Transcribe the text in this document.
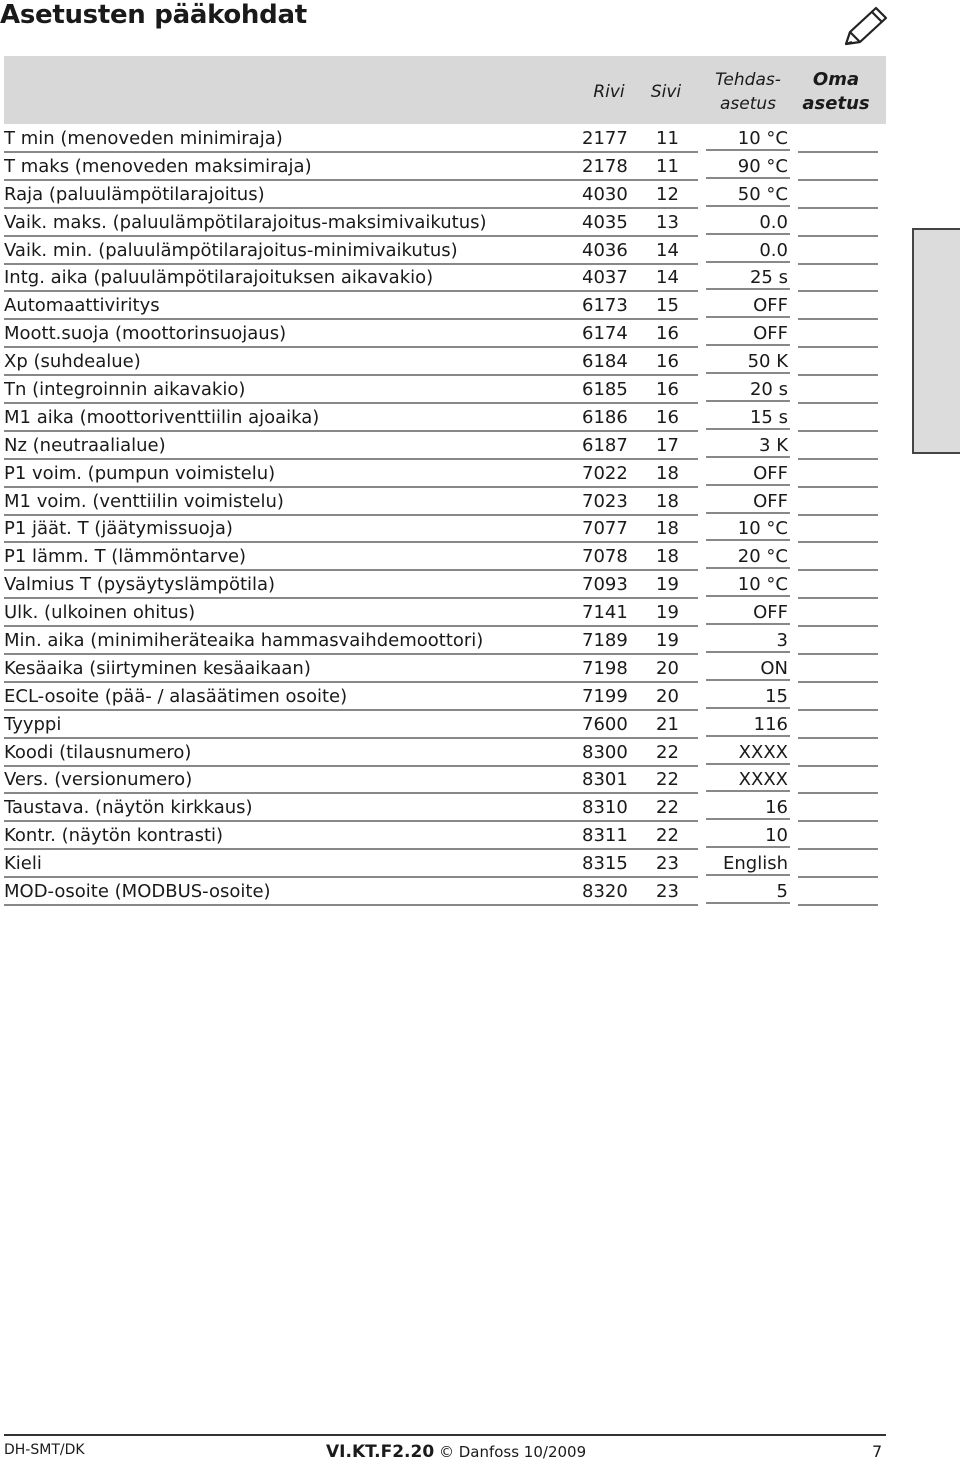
Asetusten pääkohdat
Rivi	Sivi
Tehdas-
asetus
Oma
asetus
T min (menoveden minimiraja)	2177	11	10 °C
T maks (menoveden maksimiraja)	2178	11	90 °C
Raja (paluulämpötilarajoitus)	4030	12	50 °C
Vaik. maks. (paluulämpötilarajoitus-maksimivaikutus)	4035	13	0.0
Vaik. min. (paluulämpötilarajoitus-minimivaikutus)	4036	14	0.0
Intg. aika (paluulämpötilarajoituksen aikavakio)	4037	14	25 s
Automaattiviritys	6173	15	OFF
Moott.suoja (moottorinsuojaus)	6174	16	OFF
Xp (suhdealue)	6184	16	50 K
Tn (integroinnin aikavakio)	6185	16	20 s
M1 aika (moottoriventtiilin ajoaika)	6186	16	15 s
Nz (neutraalialue)	6187	17	3 K
P1 voim. (pumpun voimistelu)	7022	18	OFF
M1 voim. (venttiilin voimistelu)	7023	18	OFF
P1 jäät. T (jäätymissuoja)	7077	18	10 °C
P1 lämm. T (lämmöntarve)	7078	18	20 °C
Valmius T (pysäytyslämpötila)	7093	19	10 °C
Ulk. (ulkoinen ohitus)	7141	19	OFF
Min. aika (minimiheräteaika hammasvaihdemoottori)	7189	19	3
Kesäaika (siirtyminen kesäaikaan)	7198	20	ON
ECL-osoite (pää- / alasäätimen osoite)	7199	20	15
Tyyppi	7600	21	116
Koodi (tilausnumero)	8300	22	XXXX
Vers. (versionumero)	8301	22	XXXX
Taustava. (näytön kirkkaus)	8310	22	16
Kontr. (näytön kontrasti)	8311	22	10
Kieli	8315	23	English
MOD-osoite (MODBUS-osoite)	8320	23	5
DH-SMT/DK	VI.KT.F2.20 © Danfoss 10/2009	7
